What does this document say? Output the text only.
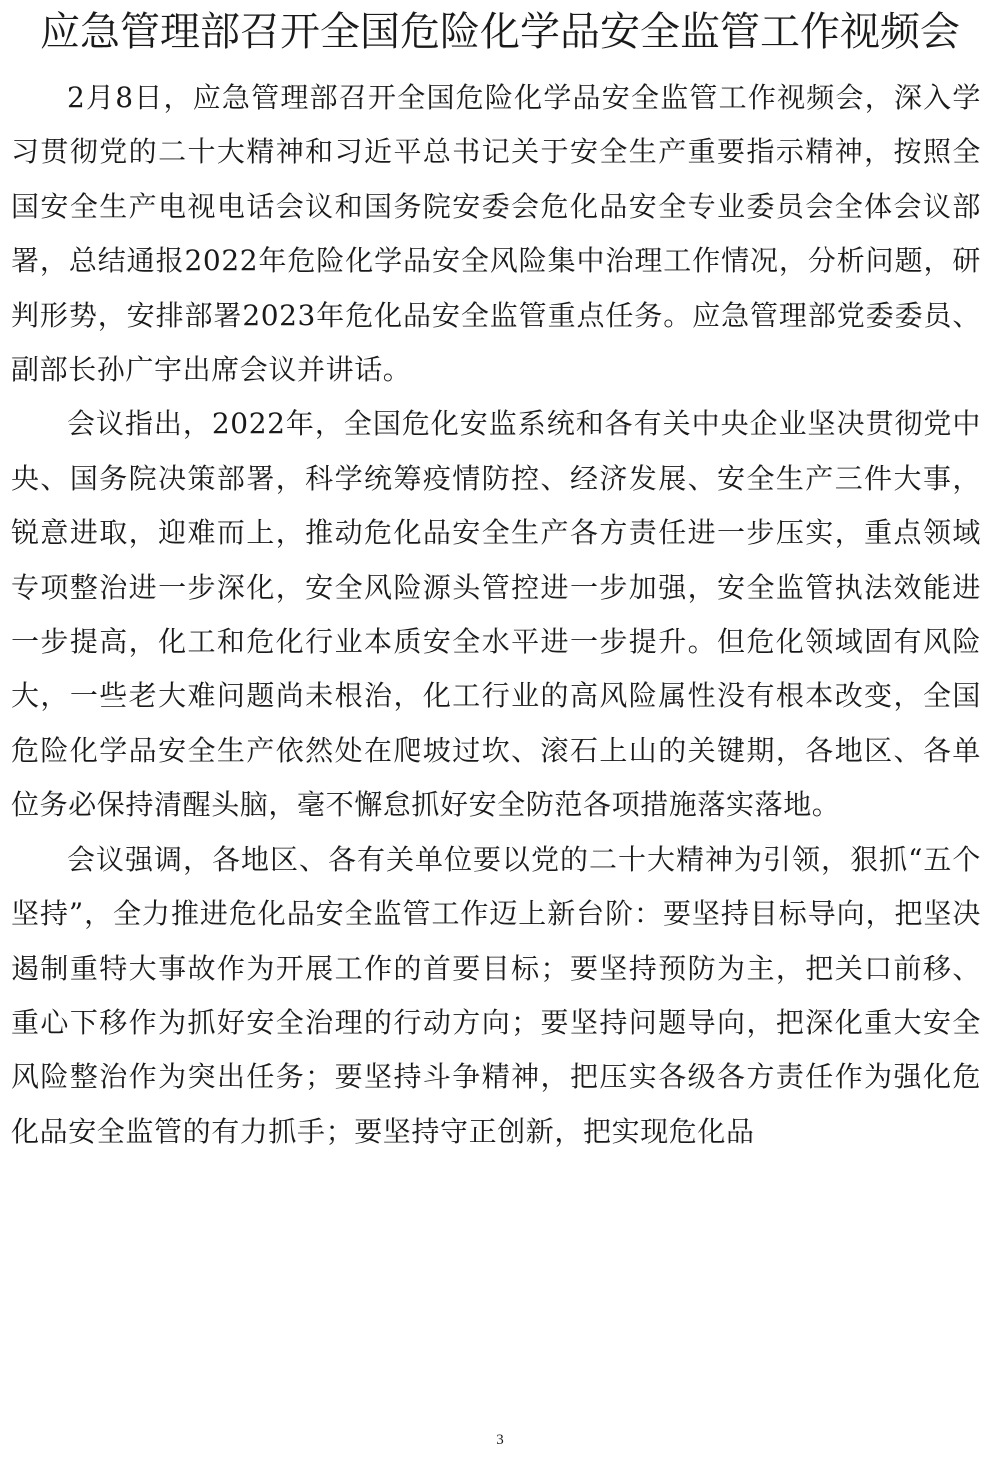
应急管理部召开全国危险化学品安全监管工作视频会

2月8日，应急管理部召开全国危险化学品安全监管工作视频会，深入学习贯彻党的二十大精神和习近平总书记关于安全生产重要指示精神，按照全国安全生产电视电话会议和国务院安委会危化品安全专业委员会全体会议部署，总结通报2022年危险化学品安全风险集中治理工作情况，分析问题，研判形势，安排部署2023年危化品安全监管重点任务。应急管理部党委委员、副部长孙广宇出席会议并讲话。

会议指出，2022年，全国危化安监系统和各有关中央企业坚决贯彻党中央、国务院决策部署，科学统筹疫情防控、经济发展、安全生产三件大事，锐意进取，迎难而上，推动危化品安全生产各方责任进一步压实，重点领域专项整治进一步深化，安全风险源头管控进一步加强，安全监管执法效能进一步提高，化工和危化行业本质安全水平进一步提升。但危化领域固有风险大，一些老大难问题尚未根治，化工行业的高风险属性没有根本改变，全国危险化学品安全生产依然处在爬坡过坎、滚石上山的关键期，各地区、各单位务必保持清醒头脑，毫不懈怠抓好安全防范各项措施落实落地。

会议强调，各地区、各有关单位要以党的二十大精神为引领，狠抓“五个坚持”，全力推进危化品安全监管工作迈上新台阶：要坚持目标导向，把坚决遏制重特大事故作为开展工作的首要目标；要坚持预防为主，把关口前移、重心下移作为抓好安全治理的行动方向；要坚持问题导向，把深化重大安全风险整治作为突出任务；要坚持斗争精神，把压实各级各方责任作为强化危化品安全监管的有力抓手；要坚持守正创新，把实现危化品

3
